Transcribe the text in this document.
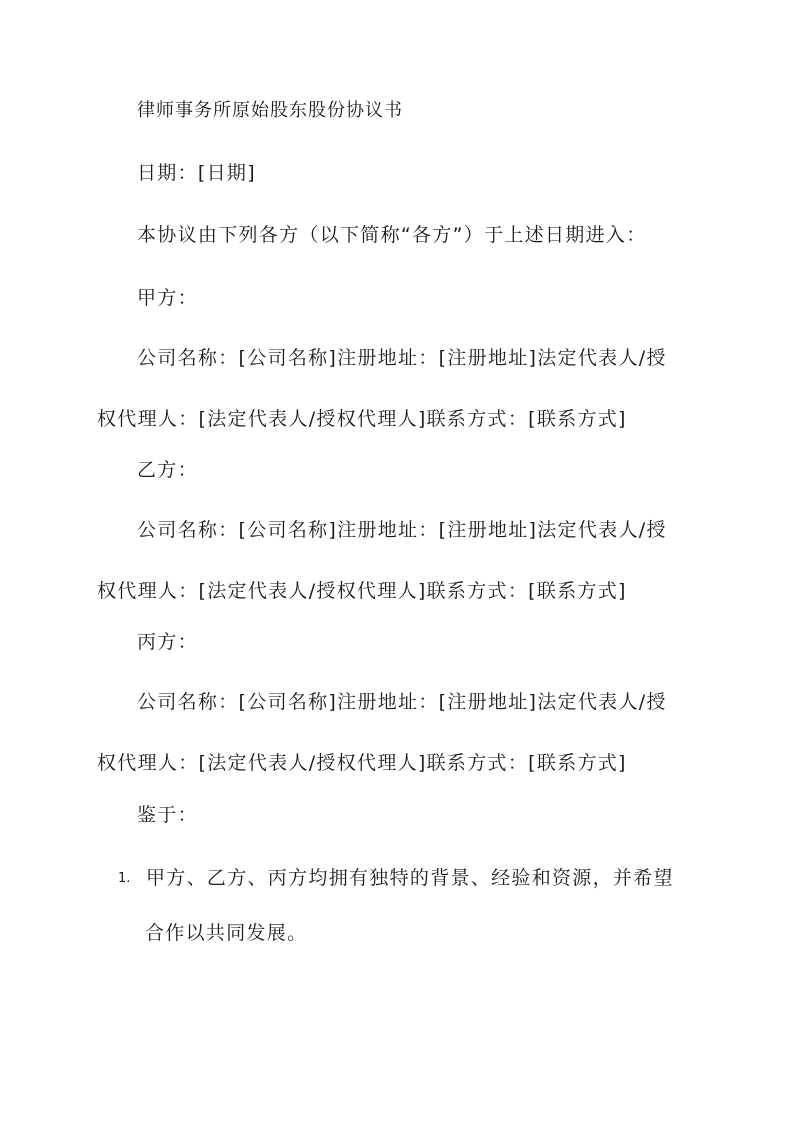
律师事务所原始股东股份协议书
日期：[日期]
本协议由下列各方（以下简称“各方”）于上述日期进入：
甲方：
公司名称：[公司名称]注册地址：[注册地址]法定代表人/授
权代理人：[法定代表人/授权代理人]联系方式：[联系方式]
乙方：
公司名称：[公司名称]注册地址：[注册地址]法定代表人/授
权代理人：[法定代表人/授权代理人]联系方式：[联系方式]
丙方：
公司名称：[公司名称]注册地址：[注册地址]法定代表人/授
权代理人：[法定代表人/授权代理人]联系方式：[联系方式]
鉴于：
1. 甲方、乙方、丙方均拥有独特的背景、经验和资源，并希望
合作以共同发展。
